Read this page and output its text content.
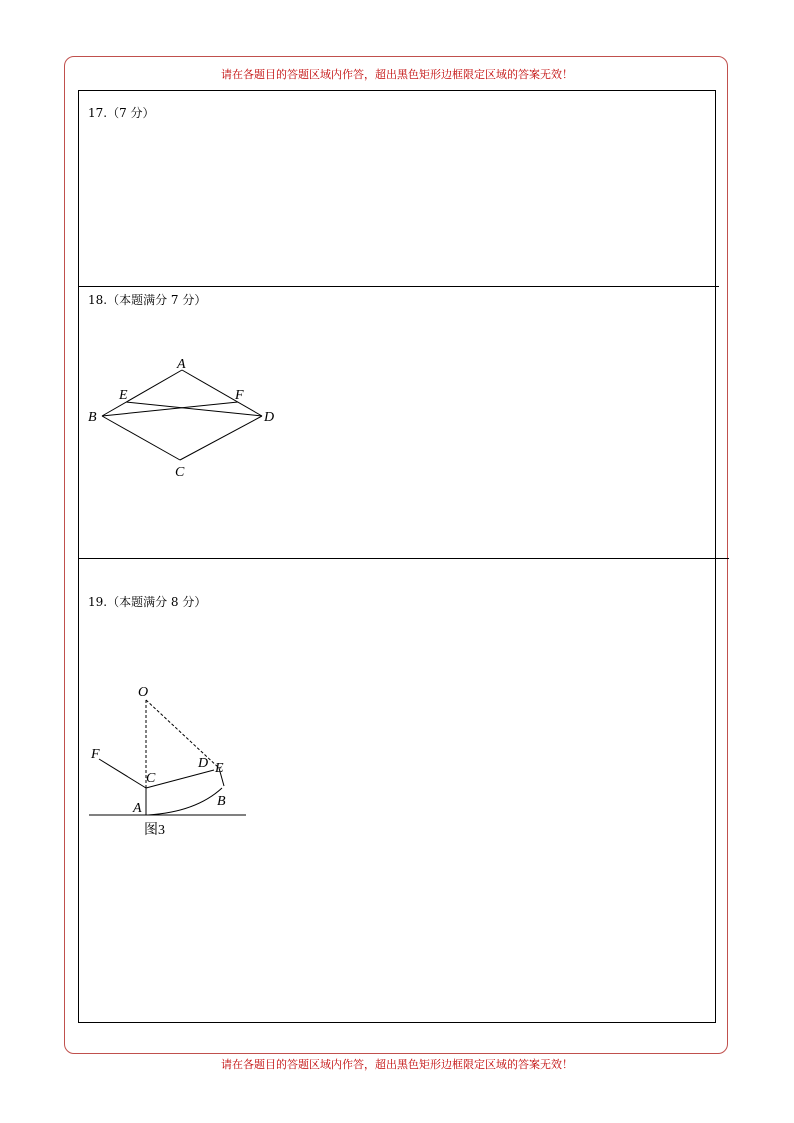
请在各题目的答题区域内作答，超出黑色矩形边框限定区域的答案无效！
17.（7 分）
18.（本题满分 7 分）
A
B
C
D
E	F
19.（本题满分 8 分）
O
F
C
D E
A	B
图3
请在各题目的答题区域内作答，超出黑色矩形边框限定区域的答案无效！
